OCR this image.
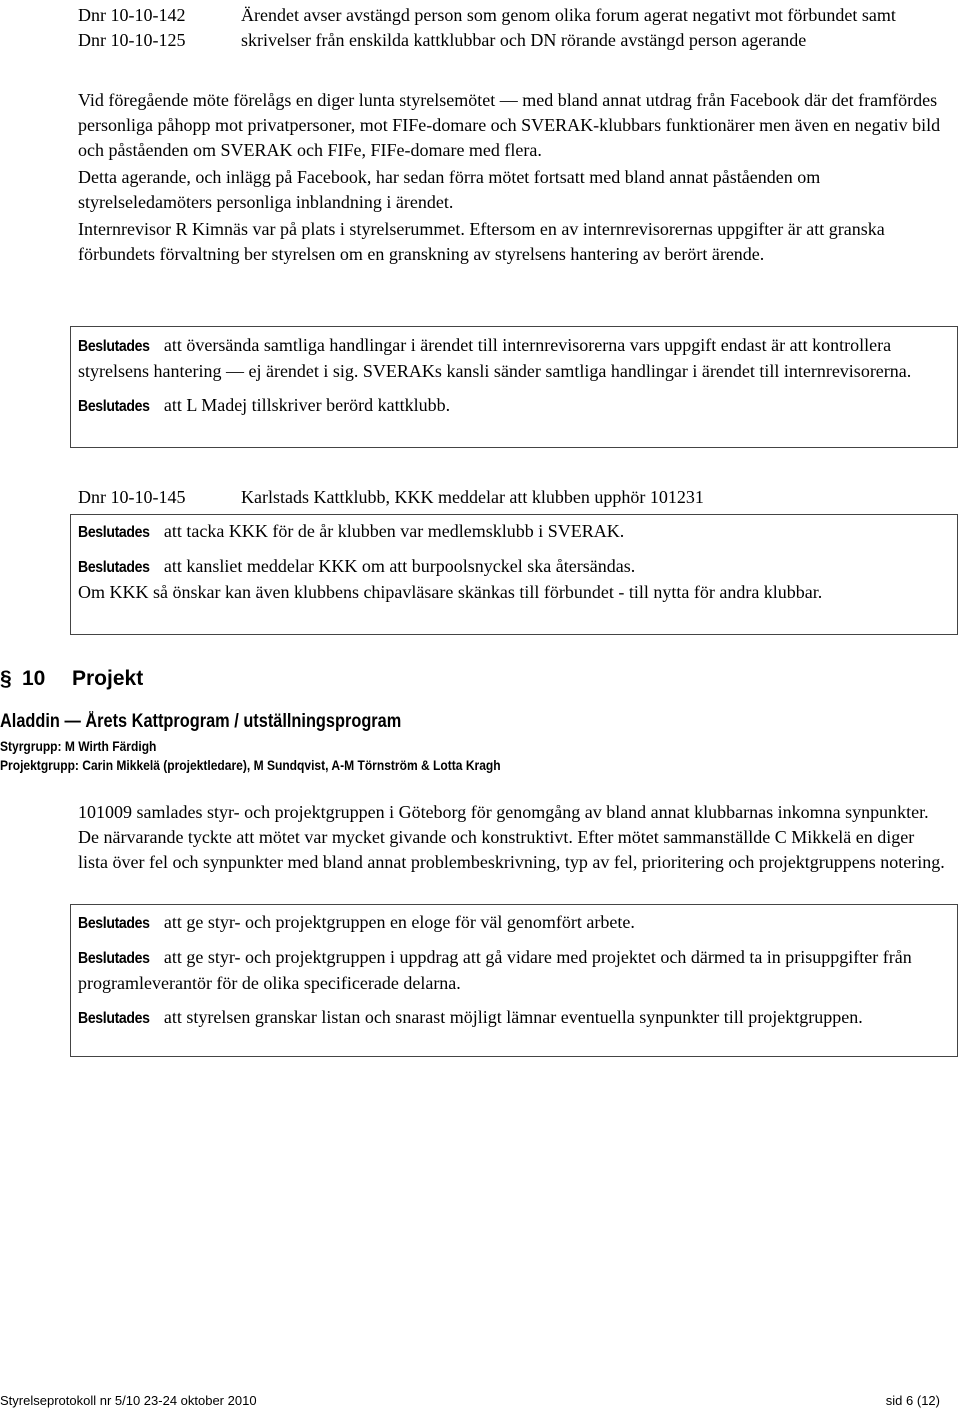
Dnr 10-10-142
Dnr 10-10-125
Ärendet avser avstängd person som genom olika forum agerat negativt mot förbundet samt skrivelser från enskilda kattklubbar och DN rörande avstängd person agerande

Vid föregående möte förelågs en diger lunta styrelsemötet — med bland annat utdrag från Facebook där det framfördes personliga påhopp mot privatpersoner, mot FIFe-domare och SVERAK-klubbars funktionärer men även en negativ bild och påståenden om SVERAK och FIFe, FIFe-domare med flera.

Detta agerande, och inlägg på Facebook, har sedan förra mötet fortsatt med bland annat påståenden om styrelseledamöters personliga inblandning i ärendet.

Internrevisor R Kimnäs var på plats i styrelserummet. Eftersom en av internrevisorernas uppgifter är att granska förbundets förvaltning ber styrelsen om en granskning av styrelsens hantering av berört ärende.

Beslutades att översända samtliga handlingar i ärendet till internrevisorerna vars uppgift endast är att kontrollera styrelsens hantering — ej ärendet i sig. SVERAKs kansli sänder samtliga handlingar i ärendet till internrevisorerna.

Beslutades att L Madej tillskriver berörd kattklubb.

Dnr 10-10-145	Karlstads Kattklubb, KKK meddelar att klubben upphör 101231

Beslutades att tacka KKK för de år klubben var medlemsklubb i SVERAK.

Beslutades att kansliet meddelar KKK om att burpoolsnyckel ska återsändas.

Om KKK så önskar kan även klubbens chipavläsare skänkas till förbundet - till nytta för andra klubbar.

§ 10 Projekt
Aladdin — Årets Kattprogram / utställningsprogram
Styrgrupp: M Wirth Färdigh
Projektgrupp: Carin Mikkelä (projektledare), M Sundqvist, A-M Törnström & Lotta Kragh
101009 samlades styr- och projektgruppen i Göteborg för genomgång av bland annat klubbarnas inkomna synpunkter. De närvarande tyckte att mötet var mycket givande och konstruktivt. Efter mötet sammanställde C Mikkelä en diger lista över fel och synpunkter med bland annat problembeskrivning, typ av fel, prioritering och projektgruppens notering.

Beslutades att ge styr- och projektgruppen en eloge för väl genomfört arbete.

Beslutades att ge styr- och projektgruppen i uppdrag att gå vidare med projektet och därmed ta in prisuppgifter från programleverantör för de olika specificerade delarna.

Beslutades att styrelsen granskar listan och snarast möjligt lämnar eventuella synpunkter till projektgruppen.

Styrelseprotokoll nr 5/10 23-24 oktober 2010	sid 6 (12)
